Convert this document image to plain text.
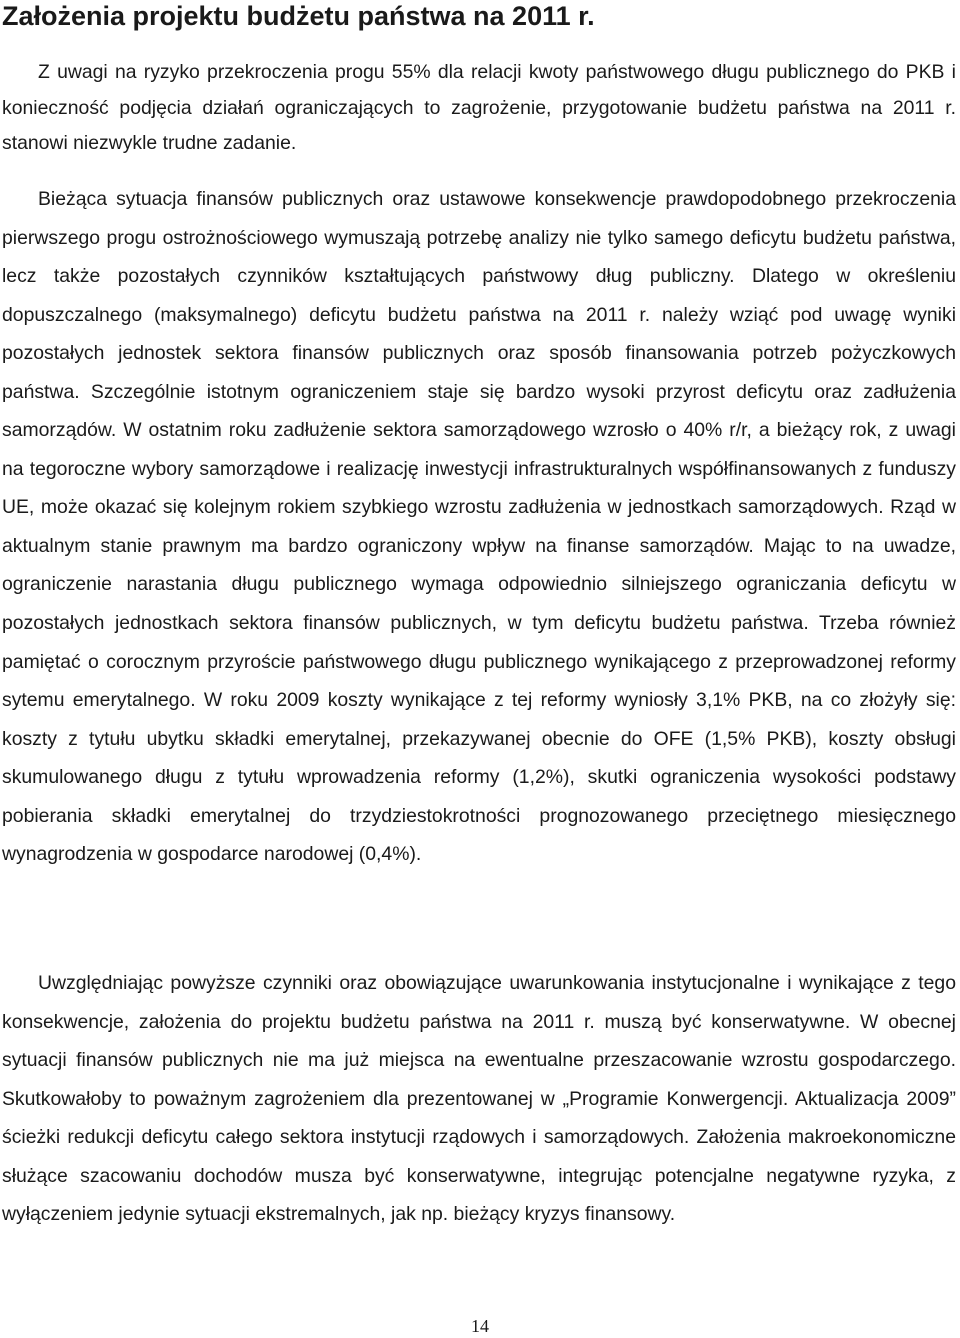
Założenia projektu budżetu państwa na 2011 r.

Z uwagi na ryzyko przekroczenia progu 55% dla relacji kwoty państwowego długu publicznego do PKB i konieczność podjęcia działań ograniczających to zagrożenie, przygotowanie budżetu państwa na 2011 r. stanowi niezwykle trudne zadanie.

Bieżąca sytuacja finansów publicznych oraz ustawowe konsekwencje prawdopodobnego przekroczenia pierwszego progu ostrożnościowego wymuszają potrzebę analizy nie tylko samego deficytu budżetu państwa, lecz także pozostałych czynników kształtujących państwowy dług publiczny. Dlatego w określeniu dopuszczalnego (maksymalnego) deficytu budżetu państwa na 2011 r. należy wziąć pod uwagę wyniki pozostałych jednostek sektora finansów publicznych oraz sposób finansowania potrzeb pożyczkowych państwa. Szczególnie istotnym ograniczeniem staje się bardzo wysoki przyrost deficytu oraz zadłużenia samorządów. W ostatnim roku zadłużenie sektora samorządowego wzrosło o 40% r/r, a bieżący rok, z uwagi na tegoroczne wybory samorządowe i realizację inwestycji infrastrukturalnych współfinansowanych z funduszy UE, może okazać się kolejnym rokiem szybkiego wzrostu zadłużenia w jednostkach samorządowych. Rząd w aktualnym stanie prawnym ma bardzo ograniczony wpływ na finanse samorządów. Mając to na uwadze, ograniczenie narastania długu publicznego wymaga odpowiednio silniejszego ograniczania deficytu w pozostałych jednostkach sektora finansów publicznych, w tym deficytu budżetu państwa. Trzeba również pamiętać o corocznym przyroście państwowego długu publicznego wynikającego z przeprowadzonej reformy sytemu emerytalnego. W roku 2009 koszty wynikające z tej reformy wyniosły 3,1% PKB, na co złożyły się: koszty z tytułu ubytku składki emerytalnej, przekazywanej obecnie do OFE (1,5% PKB), koszty obsługi skumulowanego długu z tytułu wprowadzenia reformy (1,2%), skutki ograniczenia wysokości podstawy pobierania składki emerytalnej do trzydziestokrotności prognozowanego przeciętnego miesięcznego wynagrodzenia w gospodarce narodowej (0,4%).

Uwzględniając powyższe czynniki oraz obowiązujące uwarunkowania instytucjonalne i wynikające z tego konsekwencje, założenia do projektu budżetu państwa na 2011 r. muszą być konserwatywne. W obecnej sytuacji finansów publicznych nie ma już miejsca na ewentualne przeszacowanie wzrostu gospodarczego. Skutkowałoby to poważnym zagrożeniem dla prezentowanej w „Programie Konwergencji. Aktualizacja 2009” ścieżki redukcji deficytu całego sektora instytucji rządowych i samorządowych. Założenia makroekonomiczne służące szacowaniu dochodów musza być konserwatywne, integrując potencjalne negatywne ryzyka, z wyłączeniem jedynie sytuacji ekstremalnych, jak np. bieżący kryzys finansowy.

14
